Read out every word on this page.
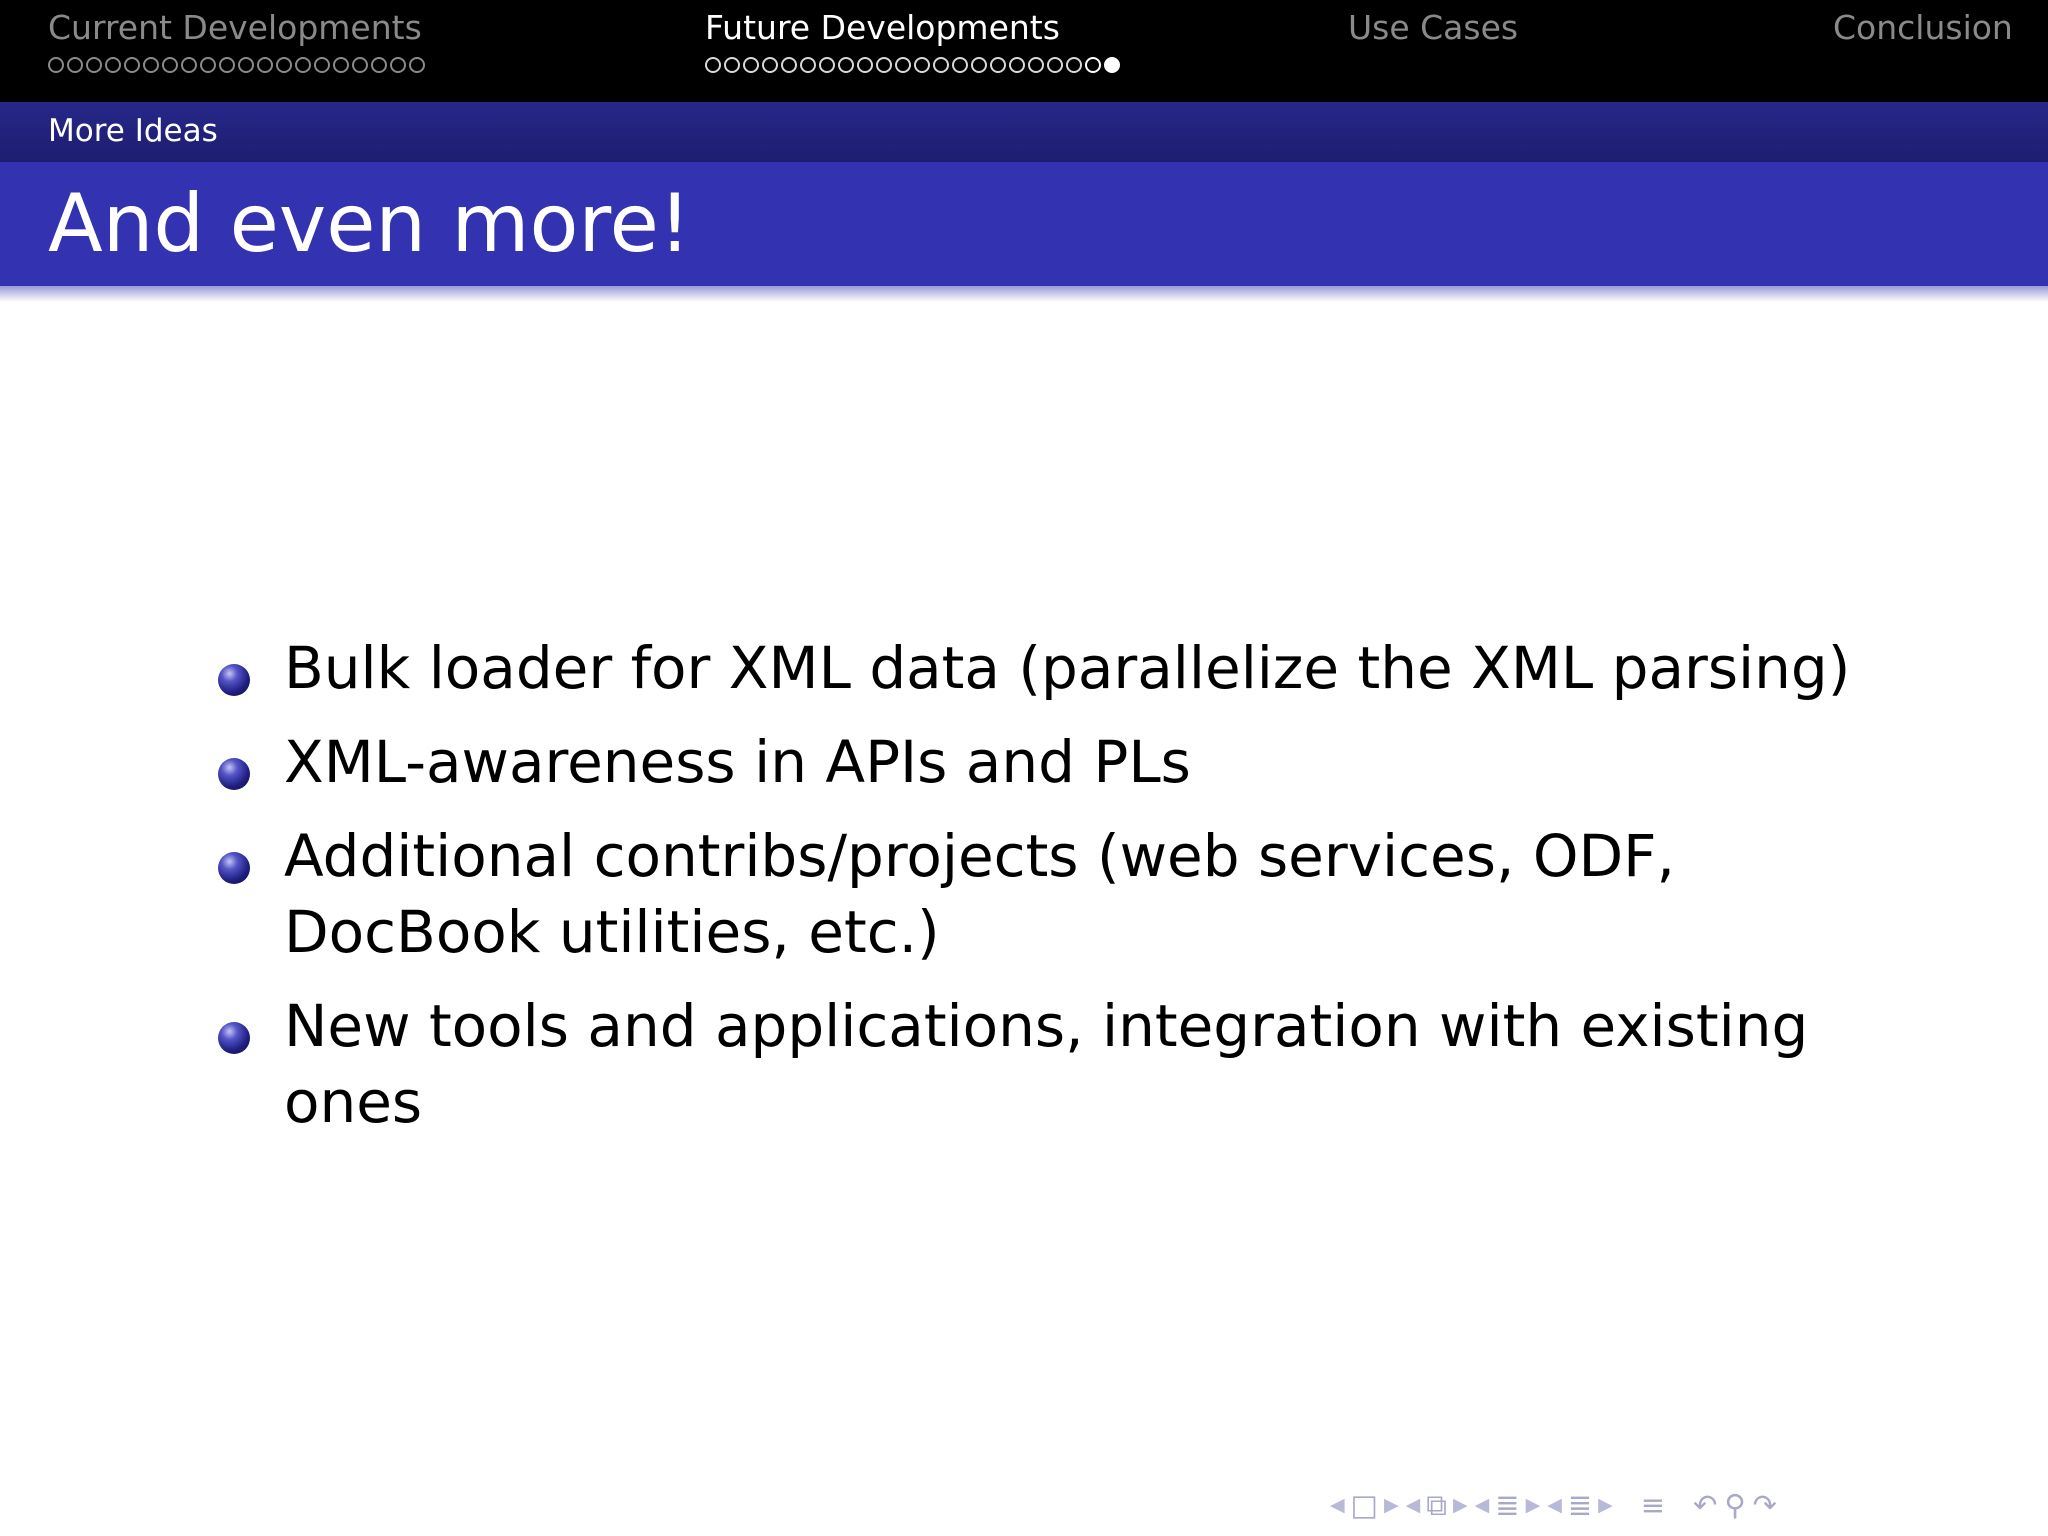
Current Developments	Future Developments	Use Cases	Conclusion
More Ideas
And even more!
Bulk loader for XML data (parallelize the XML parsing)
XML-awareness in APIs and PLs
Additional contribs/projects (web services, ODF, DocBook utilities, etc.)
New tools and applications, integration with existing ones
◀ □ ▶ ◀ ⧉ ▶ ◀ ≣ ▶ ◀ ≣ ▶ ≡ ↶ ⚲ ↷
